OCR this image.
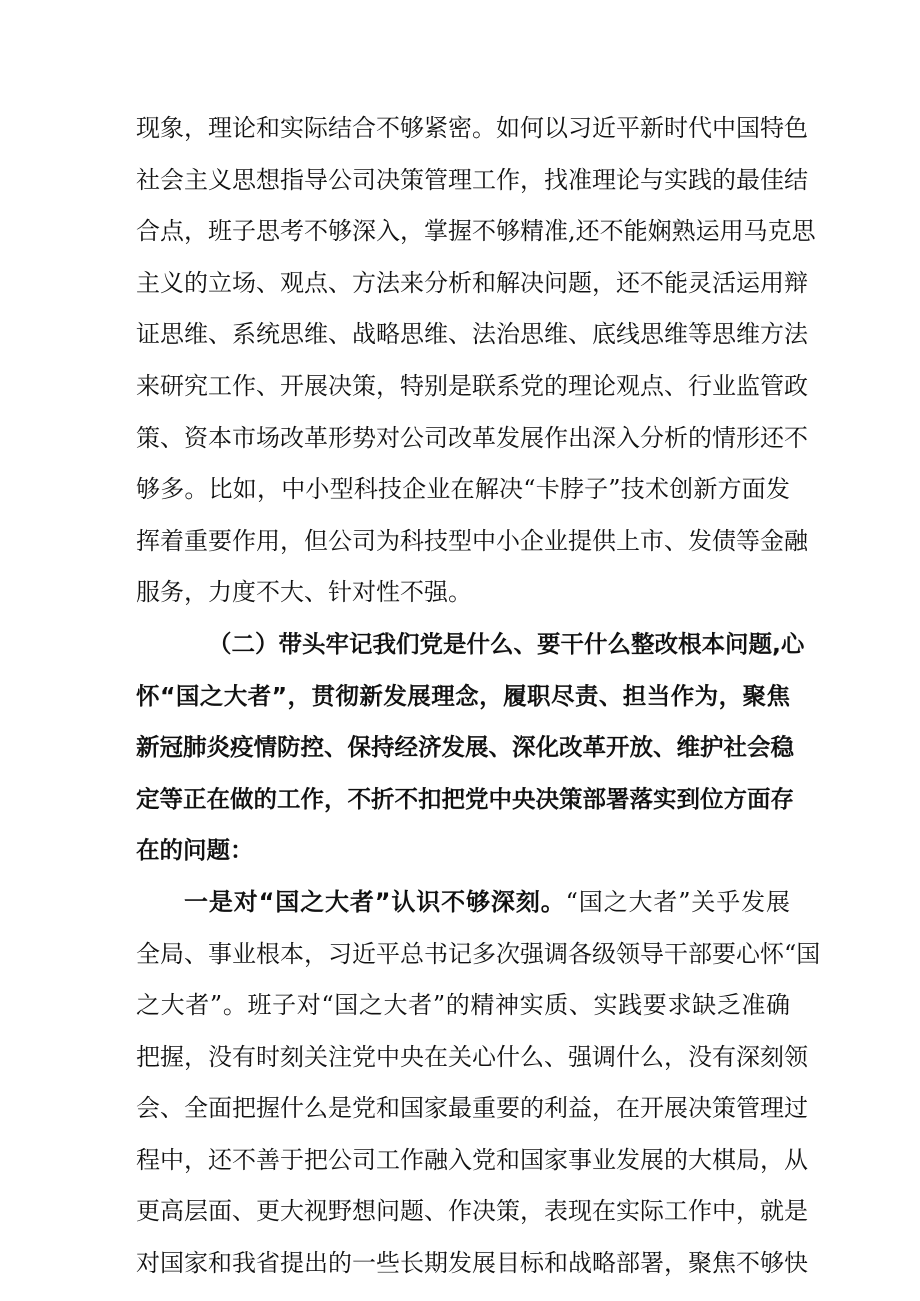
现象，理论和实际结合不够紧密。如何以习近平新时代中国特色
社会主义思想指导公司决策管理工作，找准理论与实践的最佳结
合点，班子思考不够深入，掌握不够精准,还不能娴熟运用马克思
主义的立场、观点、方法来分析和解决问题，还不能灵活运用辩
证思维、系统思维、战略思维、法治思维、底线思维等思维方法
来研究工作、开展决策，特别是联系党的理论观点、行业监管政
策、资本市场改革形势对公司改革发展作出深入分析的情形还不
够多。比如，中小型科技企业在解决“卡脖子”技术创新方面发
挥着重要作用，但公司为科技型中小企业提供上市、发债等金融
服务，力度不大、针对性不强。
（二）带头牢记我们党是什么、要干什么整改根本问题,心
怀“国之大者”，贯彻新发展理念，履职尽责、担当作为，聚焦
新冠肺炎疫情防控、保持经济发展、深化改革开放、维护社会稳
定等正在做的工作，不折不扣把党中央决策部署落实到位方面存
在的问题：
一是对“国之大者”认识不够深刻。“国之大者”关乎发展
全局、事业根本，习近平总书记多次强调各级领导干部要心怀“国
之大者”。班子对“国之大者”的精神实质、实践要求缺乏准确
把握，没有时刻关注党中央在关心什么、强调什么，没有深刻领
会、全面把握什么是党和国家最重要的利益，在开展决策管理过
程中，还不善于把公司工作融入党和国家事业发展的大棋局，从
更高层面、更大视野想问题、作决策，表现在实际工作中，就是
对国家和我省提出的一些长期发展目标和战略部署，聚焦不够快
